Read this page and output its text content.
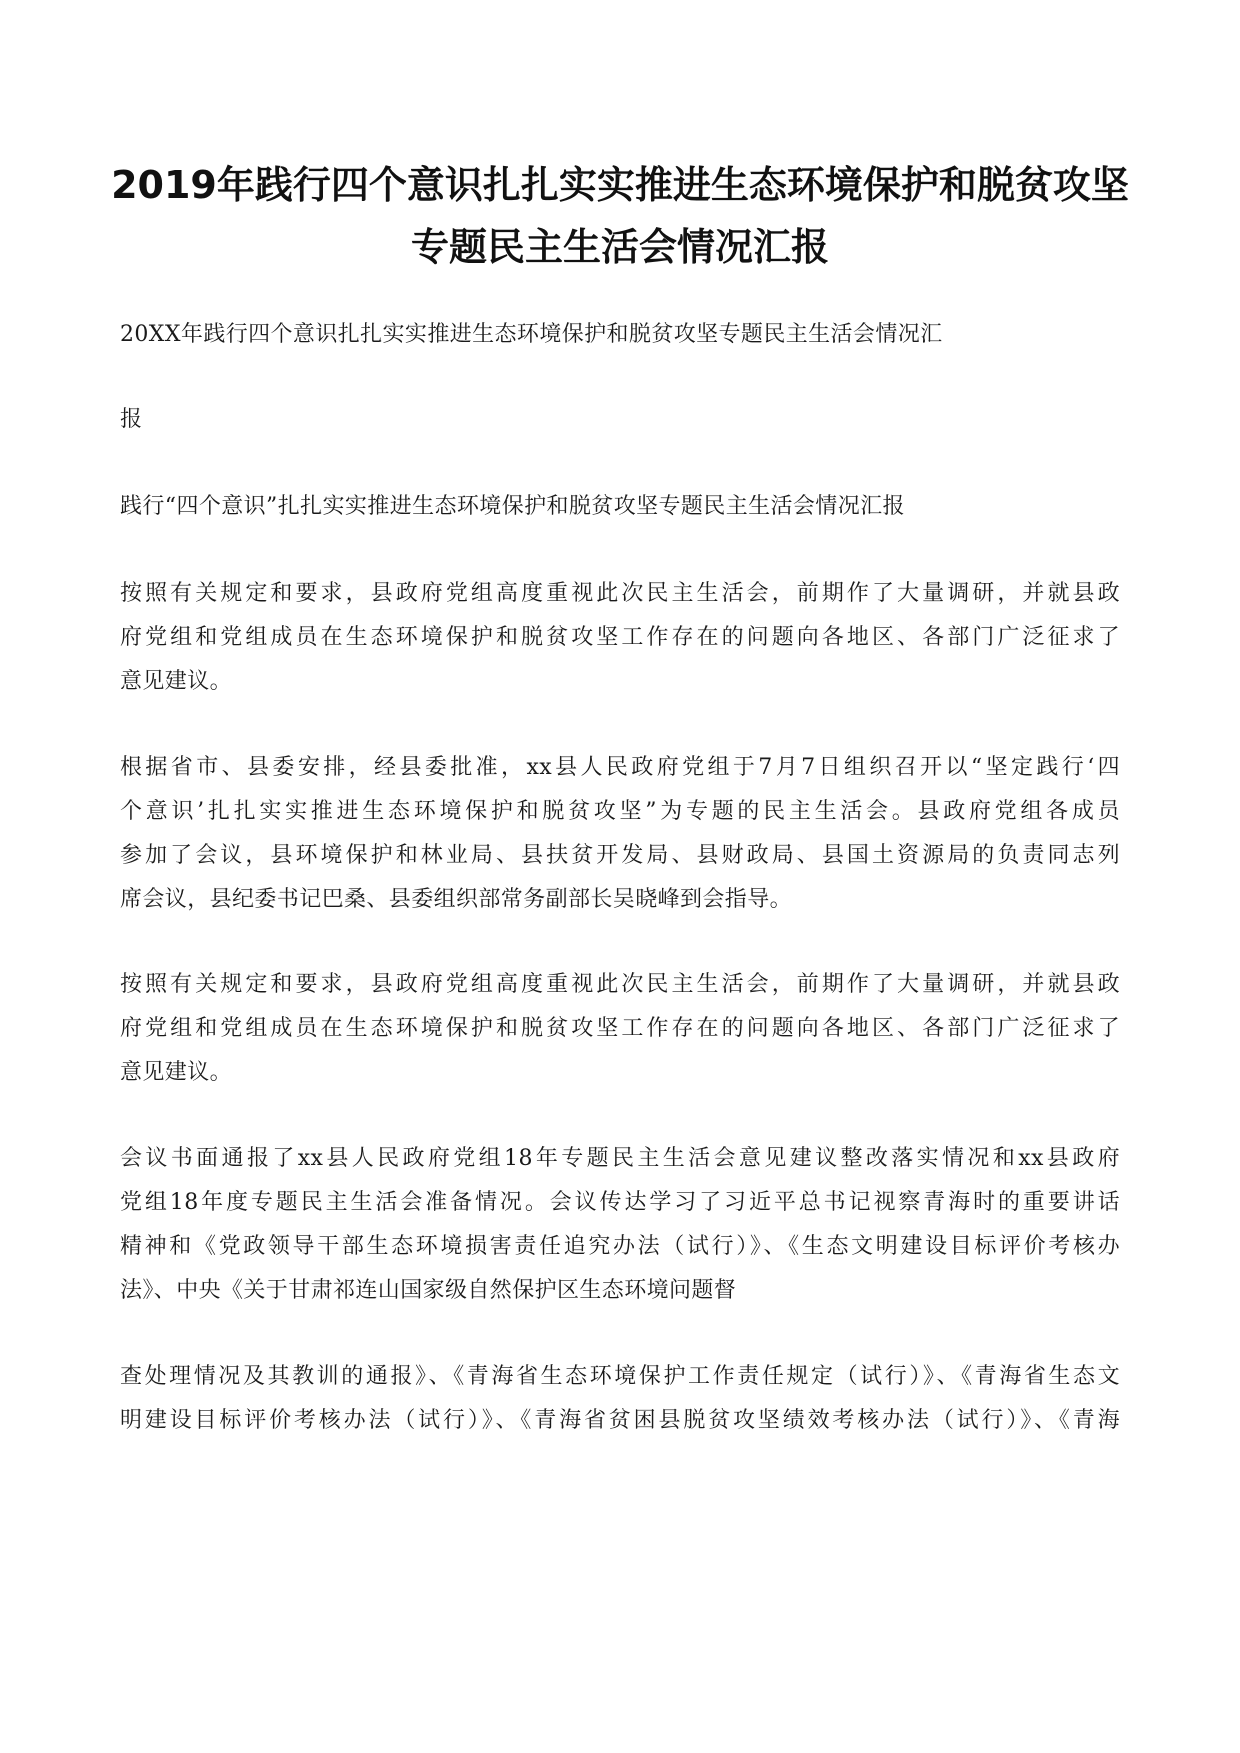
2019年践行四个意识扎扎实实推进生态环境保护和脱贫攻坚
专题民主生活会情况汇报
20XX年践行四个意识扎扎实实推进生态环境保护和脱贫攻坚专题民主生活会情况汇
报
践行“四个意识”扎扎实实推进生态环境保护和脱贫攻坚专题民主生活会情况汇报
按照有关规定和要求，县政府党组高度重视此次民主生活会，前期作了大量调研，并就县政
府党组和党组成员在生态环境保护和脱贫攻坚工作存在的问题向各地区、各部门广泛征求了
意见建议。
根据省市、县委安排，经县委批准，xx县人民政府党组于7月7日组织召开以“坚定践行‘四
个意识’扎扎实实推进生态环境保护和脱贫攻坚”为专题的民主生活会。县政府党组各成员
参加了会议，县环境保护和林业局、县扶贫开发局、县财政局、县国土资源局的负责同志列
席会议，县纪委书记巴桑、县委组织部常务副部长吴晓峰到会指导。
按照有关规定和要求，县政府党组高度重视此次民主生活会，前期作了大量调研，并就县政
府党组和党组成员在生态环境保护和脱贫攻坚工作存在的问题向各地区、各部门广泛征求了
意见建议。
会议书面通报了xx县人民政府党组18年专题民主生活会意见建议整改落实情况和xx县政府
党组18年度专题民主生活会准备情况。会议传达学习了习近平总书记视察青海时的重要讲话
精神和《党政领导干部生态环境损害责任追究办法（试行）》、《生态文明建设目标评价考核办
法》、中央《关于甘肃祁连山国家级自然保护区生态环境问题督
查处理情况及其教训的通报》、《青海省生态环境保护工作责任规定（试行）》、《青海省生态文
明建设目标评价考核办法（试行）》、《青海省贫困县脱贫攻坚绩效考核办法（试行）》、《青海
